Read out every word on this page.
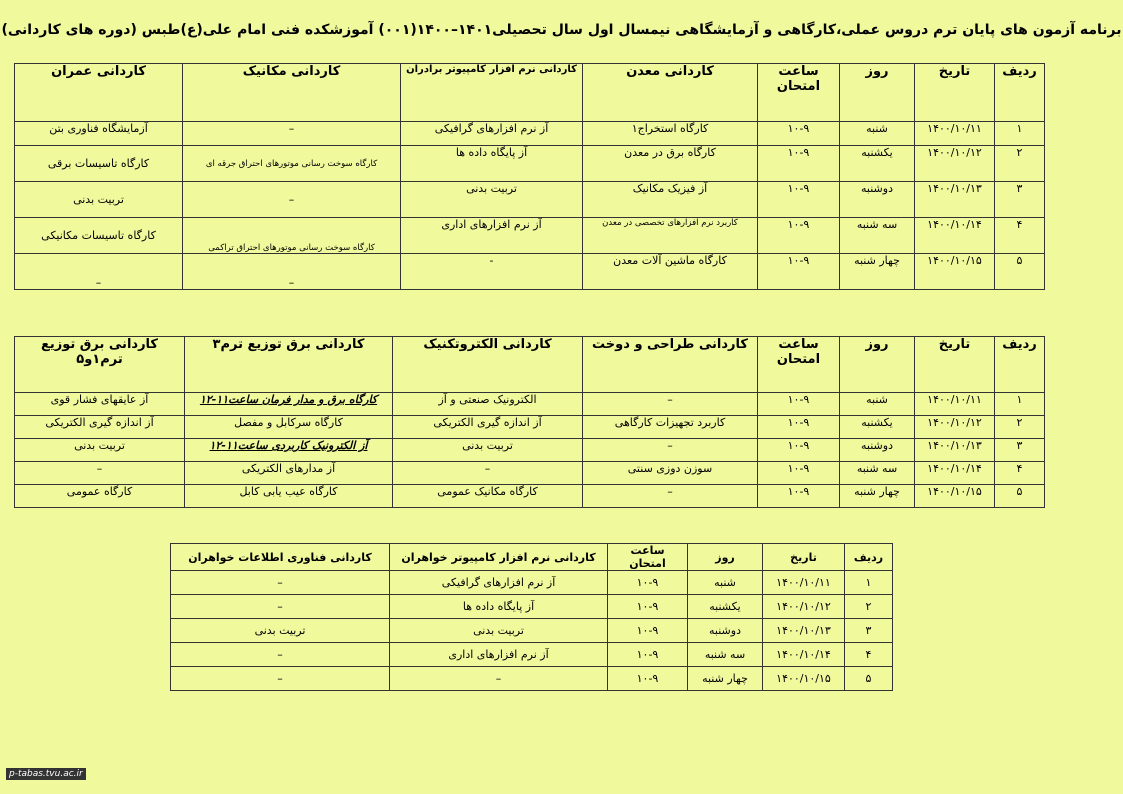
برنامه آزمون های پایان ترم دروس عملی،کارگاهی و آزمایشگاهی نیمسال اول سال تحصیلی۱۴۰۱–۱۴۰۰(۰۰۱) آموزشکده فنی امام علی(ع)طبس (دوره های کاردانی)
ردیف	تاریخ	روز	ساعت امتحان	کاردانی معدن	کاردانی نرم افزار کامپیوتر برادران	کاردانی مکانیک	کاردانی عمران
۱	۱۴۰۰/۱۰/۱۱	شنبه	۱۰-۹	کارگاه استخراج۱	آز نرم افزارهای گرافیکی	–	آزمایشگاه فناوری بتن
۲	۱۴۰۰/۱۰/۱۲	یکشنبه	۱۰-۹	کارگاه برق در معدن	آز پایگاه داده ها	کارگاه سوخت رسانی موتورهای احتراق جرقه ای	کارگاه تاسیسات برقی
۳	۱۴۰۰/۱۰/۱۳	دوشنبه	۱۰-۹	آز فیزیک مکانیک	تربیت بدنی	–	تربیت بدنی
۴	۱۴۰۰/۱۰/۱۴	سه شنبه	۱۰-۹	کاربرد نرم افزارهای تخصصی در معدن	آز نرم افزارهای اداری	کارگاه سوخت رسانی موتورهای احتراق تراکمی	کارگاه تاسیسات مکانیکی
۵	۱۴۰۰/۱۰/۱۵	چهار شنبه	۱۰-۹	کارگاه ماشین آلات معدن	-	–	–
ردیف	تاریخ	روز	ساعت امتحان	کاردانی طراحی و دوخت	کاردانی الکتروتکنیک	کاردانی برق توزیع ترم۳	کاردانی برق توزیع ترم۱و۵
۱	۱۴۰۰/۱۰/۱۱	شنبه	۱۰-۹	–	الکترونیک صنعتی و آز	کارگاه برق و مدار فرمان ساعت۱۱-۱۲	آز عایقهای فشار قوی
۲	۱۴۰۰/۱۰/۱۲	یکشنبه	۱۰-۹	کاربرد تجهیزات کارگاهی	آز اندازه گیری الکتریکی	کارگاه سرکابل و مفصل	آز اندازه گیری الکتریکی
۳	۱۴۰۰/۱۰/۱۳	دوشنبه	۱۰-۹	–	تربیت بدنی	آز الکترونیک کاربردی ساعت۱۱-۱۲	تربیت بدنی
۴	۱۴۰۰/۱۰/۱۴	سه شنبه	۱۰-۹	سوزن دوزی سنتی	–	آز مدارهای الکتریکی	–
۵	۱۴۰۰/۱۰/۱۵	چهار شنبه	۱۰-۹	–	کارگاه مکانیک عمومی	کارگاه عیب یابی کابل	کارگاه عمومی
ردیف	تاریخ	روز	ساعت امتحان	کاردانی نرم افزار کامپیوتر خواهران	کاردانی فناوری اطلاعات خواهران
۱	۱۴۰۰/۱۰/۱۱	شنبه	۱۰-۹	آز نرم افزارهای گرافیکی	–
۲	۱۴۰۰/۱۰/۱۲	یکشنبه	۱۰-۹	آز پایگاه داده ها	–
۳	۱۴۰۰/۱۰/۱۳	دوشنبه	۱۰-۹	تربیت بدنی	تربیت بدنی
۴	۱۴۰۰/۱۰/۱۴	سه شنبه	۱۰-۹	آز نرم افزارهای اداری	–
۵	۱۴۰۰/۱۰/۱۵	چهار شنبه	۱۰-۹	–	–
p-tabas.tvu.ac.ir
